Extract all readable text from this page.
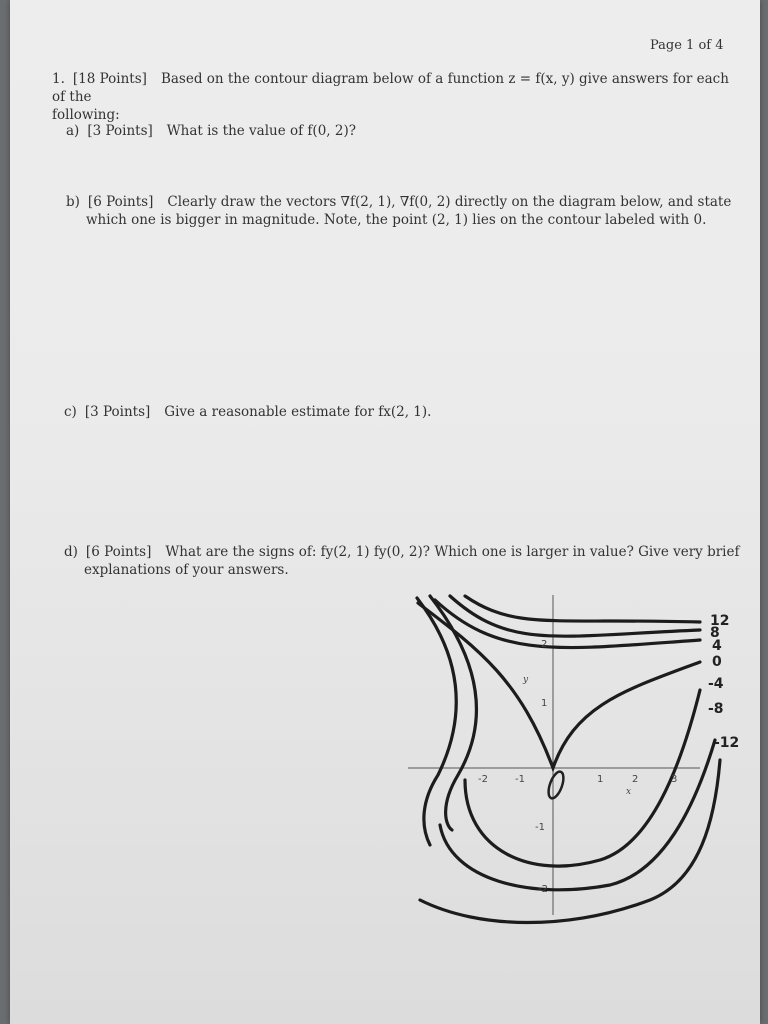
Page 1 of 4
1. [18 Points] Based on the contour diagram below of a function z = f(x, y) give answers for each of the
following:
a) [3 Points] What is the value of f(0, 2)?
b) [6 Points] Clearly draw the vectors ∇f(2, 1), ∇f(0, 2) directly on the diagram below, and state
which one is bigger in magnitude. Note, the point (2, 1) lies on the contour labeled with 0.
c) [3 Points] Give a reasonable estimate for fx(2, 1).
d) [6 Points] What are the signs of: fy(2, 1) fy(0, 2)? Which one is larger in value? Give very brief
explanations of your answers.
12
8
4
0
-4
-8
-12
-2	-1	1	2	3
x
2
1
-1
-2
y
